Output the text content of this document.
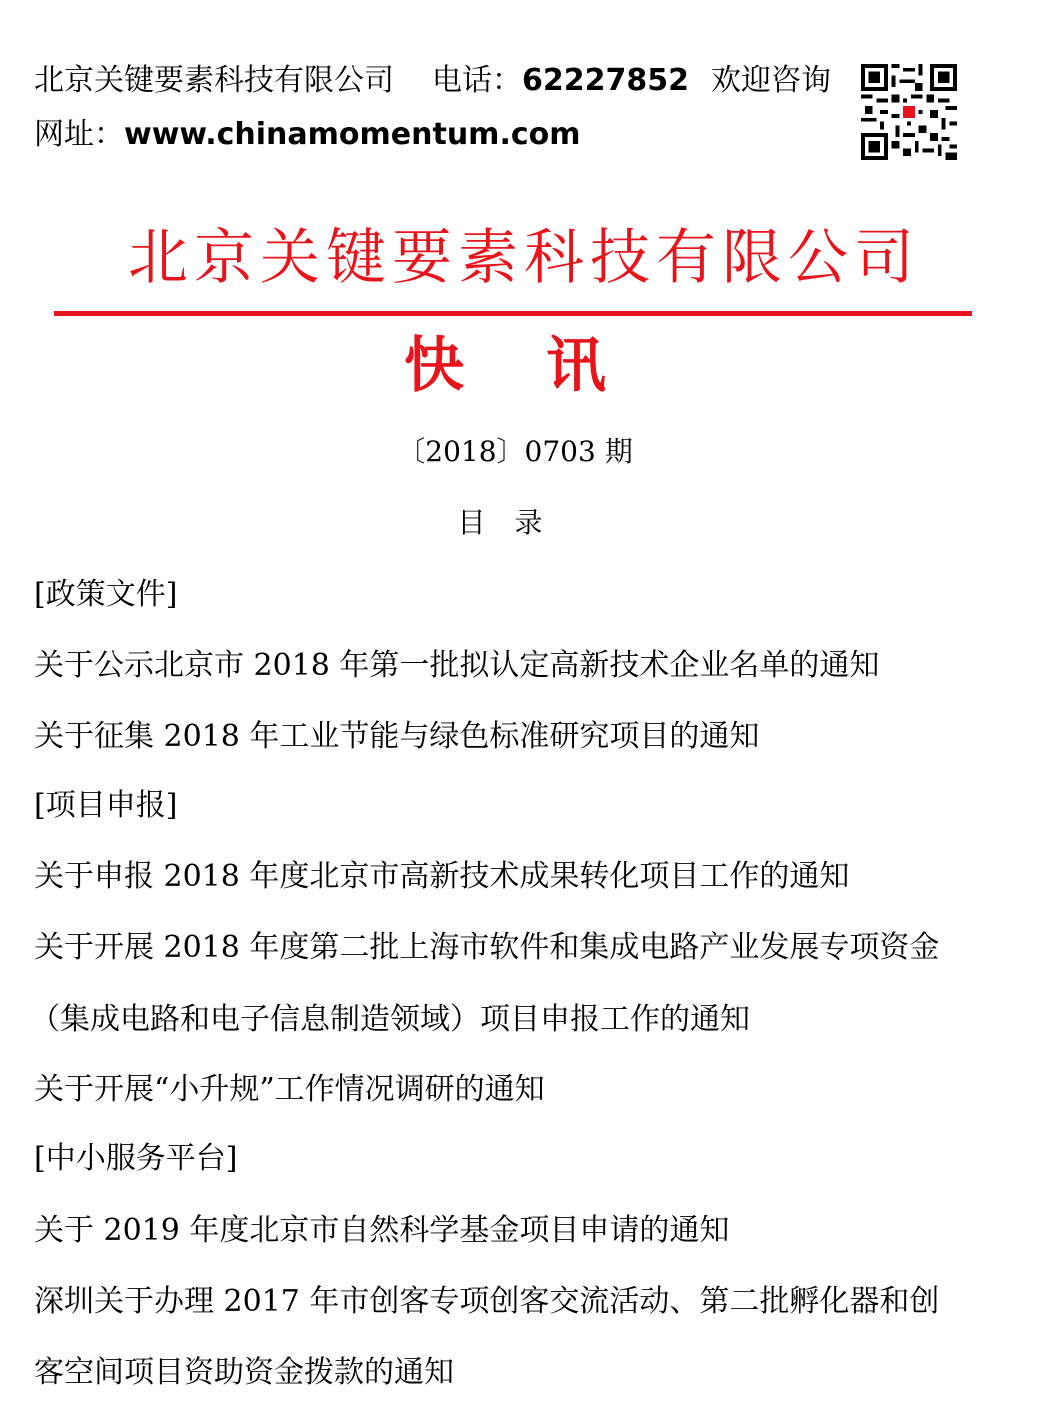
北京关键要素科技有限公司 电话：62227852 欢迎咨询
网址：www.chinamomentum.com
北京关键要素科技有限公司
快 讯
〔2018〕0703 期
目 录
[政策文件]
关于公示北京市 2018 年第一批拟认定高新技术企业名单的通知
关于征集 2018 年工业节能与绿色标准研究项目的通知
[项目申报]
关于申报 2018 年度北京市高新技术成果转化项目工作的通知
关于开展 2018 年度第二批上海市软件和集成电路产业发展专项资金
（集成电路和电子信息制造领域）项目申报工作的通知
关于开展“小升规”工作情况调研的通知
[中小服务平台]
关于 2019 年度北京市自然科学基金项目申请的通知
深圳关于办理 2017 年市创客专项创客交流活动、第二批孵化器和创
客空间项目资助资金拨款的通知
